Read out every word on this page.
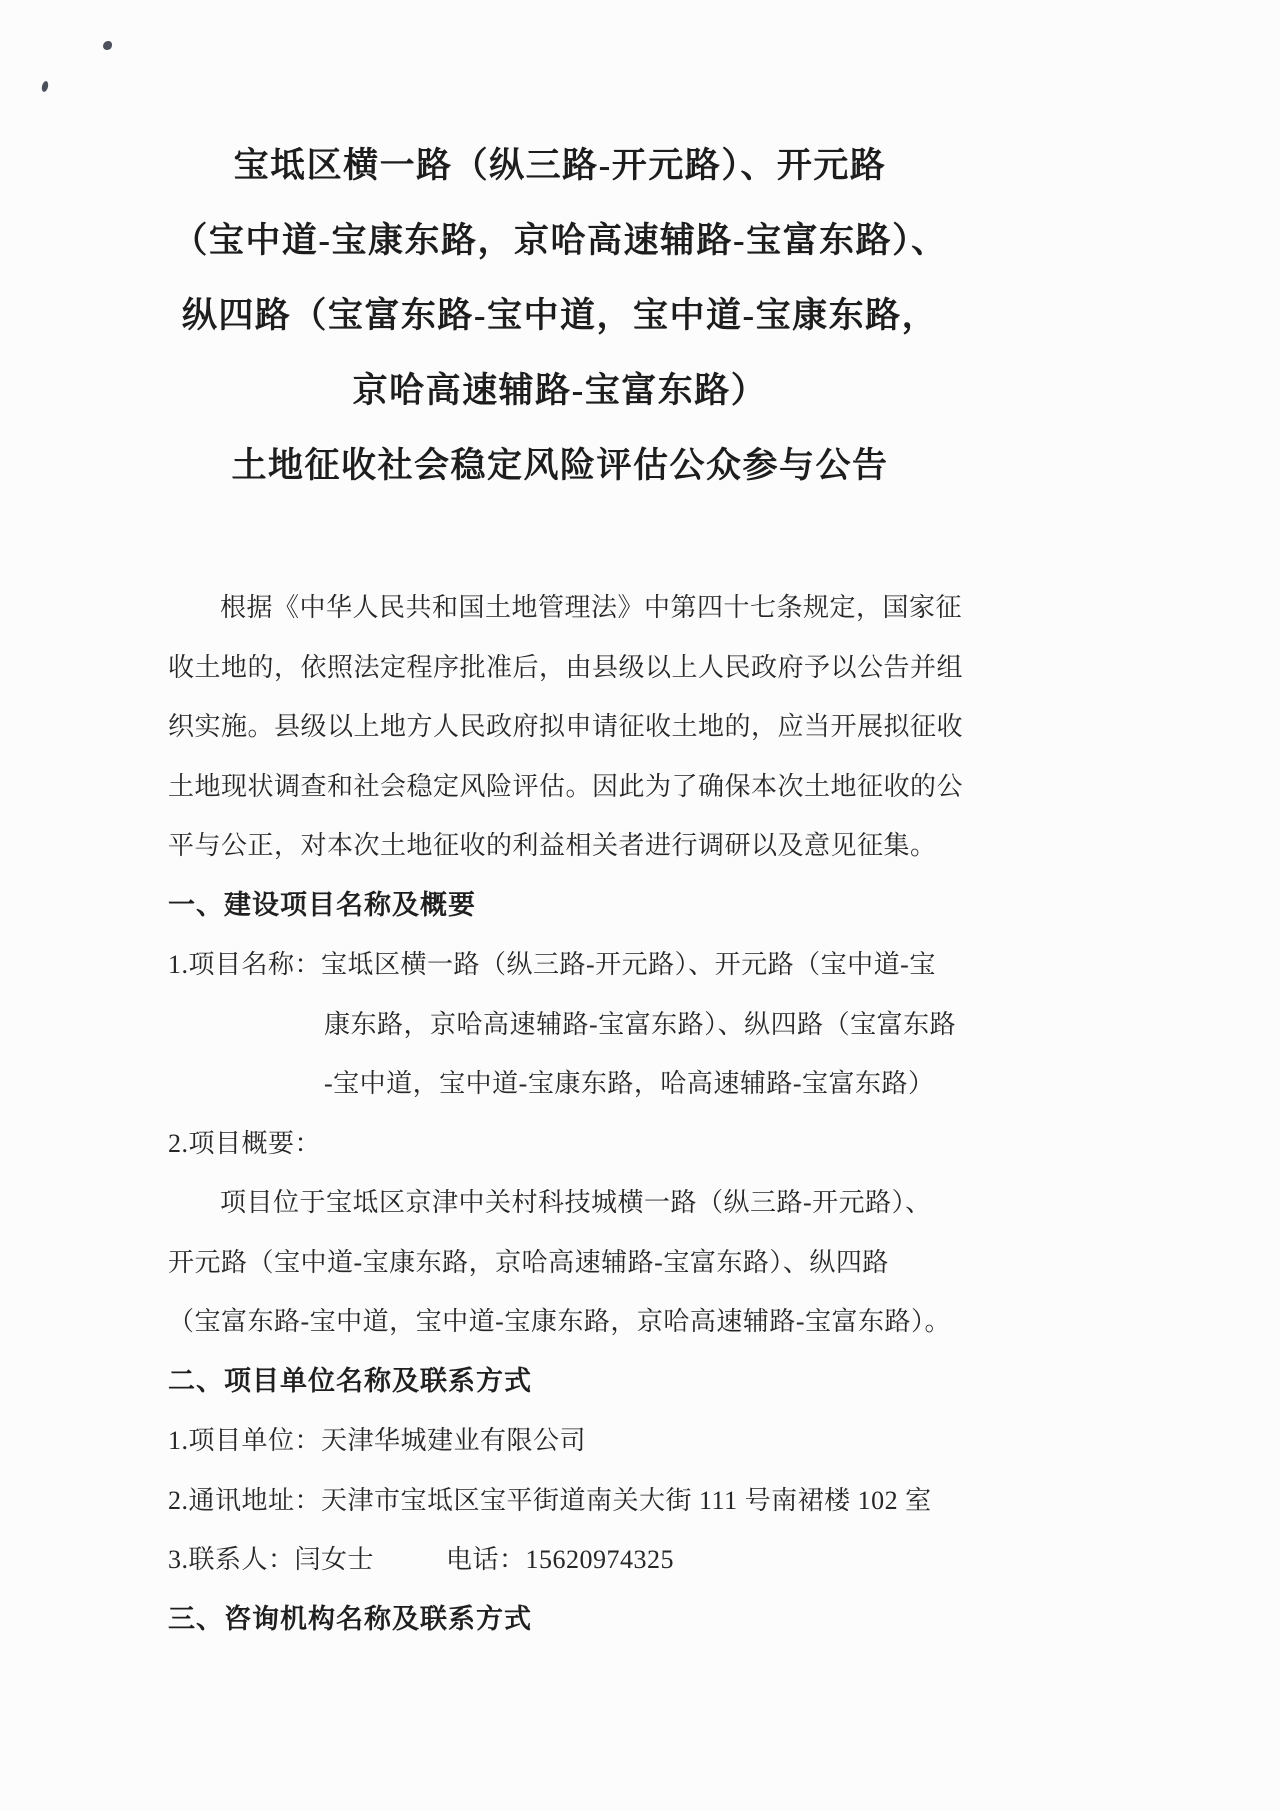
宝坻区横一路（纵三路-开元路）、开元路
（宝中道-宝康东路，京哈高速辅路-宝富东路）、
纵四路（宝富东路-宝中道，宝中道-宝康东路，
京哈高速辅路-宝富东路）
土地征收社会稳定风险评估公众参与公告
根据《中华人民共和国土地管理法》中第四十七条规定，国家征
收土地的，依照法定程序批准后，由县级以上人民政府予以公告并组
织实施。县级以上地方人民政府拟申请征收土地的，应当开展拟征收
土地现状调查和社会稳定风险评估。因此为了确保本次土地征收的公
平与公正，对本次土地征收的利益相关者进行调研以及意见征集。
一、建设项目名称及概要
1.项目名称：宝坻区横一路（纵三路-开元路）、开元路（宝中道-宝
康东路，京哈高速辅路-宝富东路）、纵四路（宝富东路
-宝中道，宝中道-宝康东路，哈高速辅路-宝富东路）
2.项目概要：
项目位于宝坻区京津中关村科技城横一路（纵三路-开元路）、
开元路（宝中道-宝康东路，京哈高速辅路-宝富东路）、纵四路
（宝富东路-宝中道，宝中道-宝康东路，京哈高速辅路-宝富东路）。
二、项目单位名称及联系方式
1.项目单位：天津华城建业有限公司
2.通讯地址：天津市宝坻区宝平街道南关大街 111 号南裙楼 102 室
3.联系人：闫女士	电话：15620974325
三、咨询机构名称及联系方式
